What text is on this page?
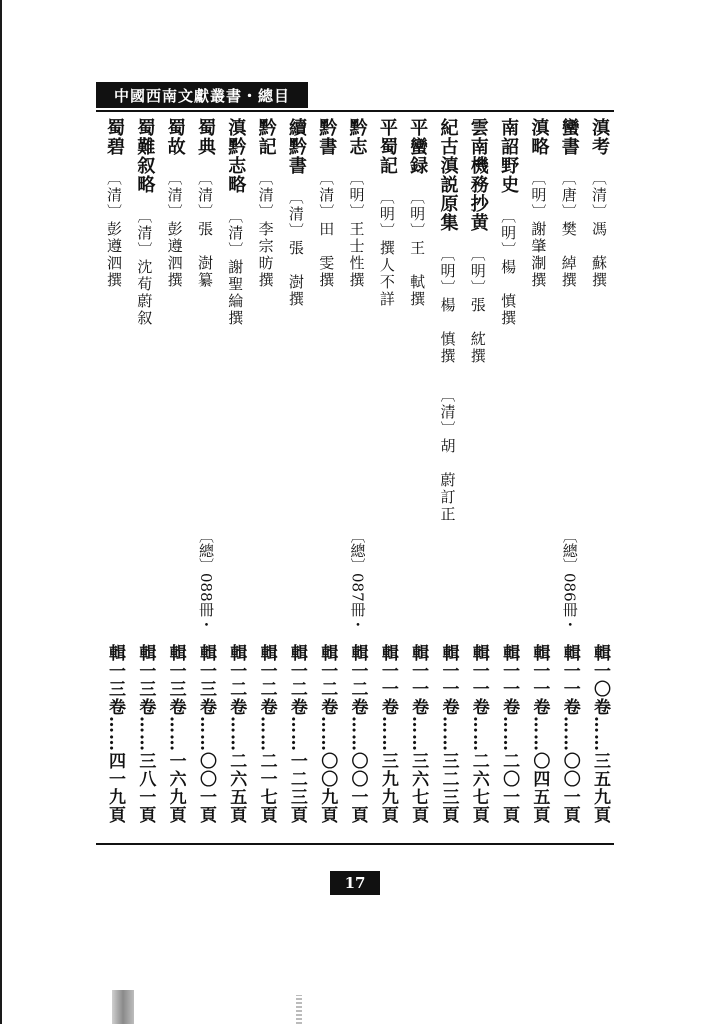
中國西南文獻叢書・總目
滇考〔清〕馮　蘇撰
輯一〇卷……三五九頁
蠻書〔唐〕樊　綽撰
〔總〕086冊・
輯一一卷……〇〇一頁
滇略〔明〕謝肇淛撰
輯一一卷……〇四五頁
南詔野史〔明〕楊　慎撰
輯一一卷……二〇一頁
雲南機務抄黄〔明〕張　紞撰
輯一一卷……二六七頁
紀古滇説原集〔明〕楊　慎撰〔清〕胡　蔚訂正
輯一一卷……三二三頁
平蠻録〔明〕王　軾撰
輯一一卷……三六七頁
平蜀記〔明〕撰人不詳
輯一一卷……三九九頁
黔志〔明〕王士性撰
〔總〕087冊・
輯一二卷……〇〇一頁
黔書〔清〕田　雯撰
輯一二卷……〇〇九頁
續黔書〔清〕張　澍撰
輯一二卷……一二三頁
黔記〔清〕李宗昉撰
輯一二卷……二一七頁
滇黔志略〔清〕謝聖綸撰
輯一二卷……二六五頁
蜀典〔清〕張　澍纂
〔總〕088冊・
輯一三卷……〇〇一頁
蜀故〔清〕彭遵泗撰
輯一三卷……一六九頁
蜀難叙略〔清〕沈荀蔚叙
輯一三卷……三八一頁
蜀碧〔清〕彭遵泗撰
輯一三卷……四一九頁
17
